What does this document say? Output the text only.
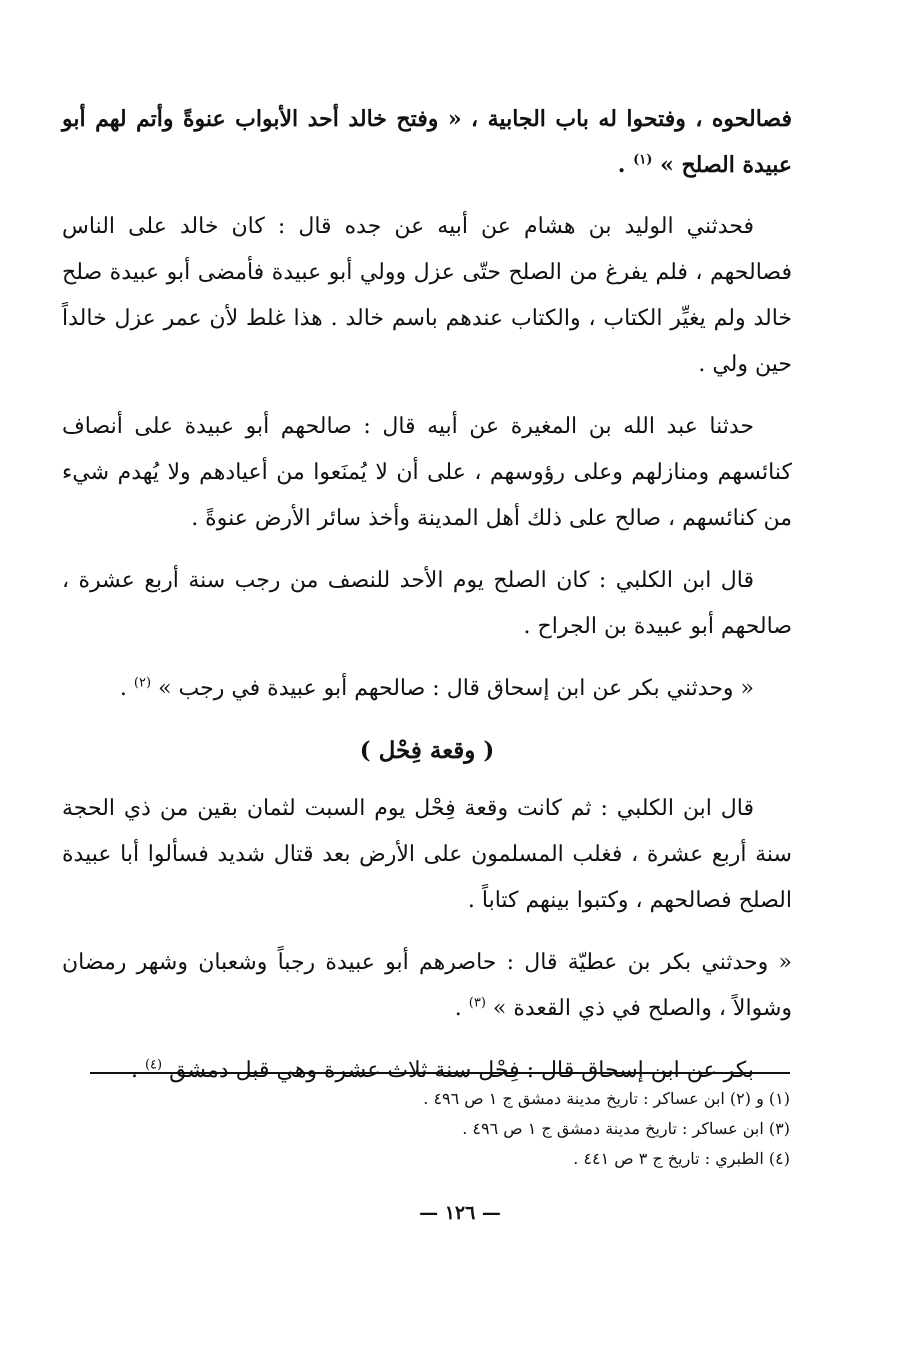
فصالحوه ، وفتحوا له باب الجابية ، « وفتح خالد أحد الأبواب عنوةً وأتم لهم أبو عبيدة الصلح » $^{(١)}$ .

فحدثني الوليد بن هشام عن أبيه عن جده قال : كان خالد على الناس فصالحهم ، فلم يفرغ من الصلح حتّى عزل وولي أبو عبيدة فأمضى أبو عبيدة صلح خالد ولم يغيِّر الكتاب ، والكتاب عندهم باسم خالد . هذا غلط لأن عمر عزل خالداً حين ولي .

حدثنا عبد الله بن المغيرة عن أبيه قال : صالحهم أبو عبيدة على أنصاف كنائسهم ومنازلهم وعلى رؤوسهم ، على أن لا يُمنَعوا من أعيادهم ولا يُهدم شيء من كنائسهم ، صالح على ذلك أهل المدينة وأخذ سائر الأرض عنوةً .

قال ابن الكلبي : كان الصلح يوم الأحد للنصف من رجب سنة أربع عشرة ، صالحهم أبو عبيدة بن الجراح .

« وحدثني بكر عن ابن إسحاق قال : صالحهم أبو عبيدة في رجب » $^{(٢)}$ .

( وقعة فِحْل )

قال ابن الكلبي : ثم كانت وقعة فِحْل يوم السبت لثمان بقين من ذي الحجة سنة أربع عشرة ، فغلب المسلمون على الأرض بعد قتال شديد فسألوا أبا عبيدة الصلح فصالحهم ، وكتبوا بينهم كتاباً .

« وحدثني بكر بن عطيّة قال : حاصرهم أبو عبيدة رجباً وشعبان وشهر رمضان وشوالاً ، والصلح في ذي القعدة » $^{(٣)}$ .

بكر عن ابن إسحاق قال : فِحْل سنة ثلاث عشرة وهي قبل دمشق $^{(٤)}$ .

(١) و (٢) ابن عساكر : تاريخ مدينة دمشق ج ١ ص ٤٩٦ .

(٣) ابن عساكر : تاريخ مدينة دمشق ج ١ ص ٤٩٦ .

(٤) الطبري : تاريخ ج ٣ ص ٤٤١ .

— ١٢٦ —
